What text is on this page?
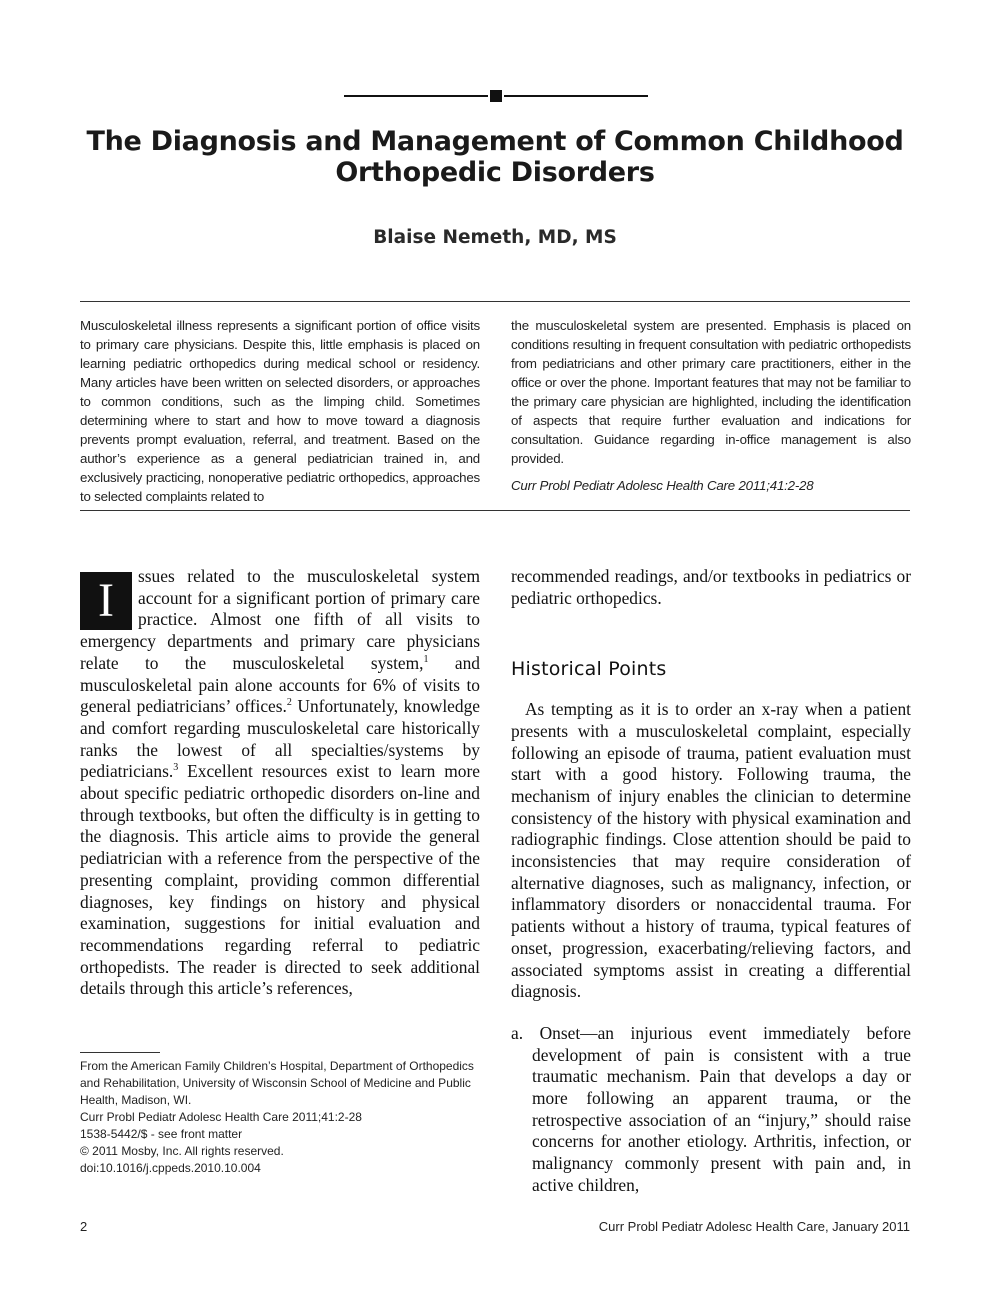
The Diagnosis and Management of Common Childhood
Orthopedic Disorders
Blaise Nemeth, MD, MS

Musculoskeletal illness represents a significant portion of office visits to primary care physicians. Despite this, little emphasis is placed on learning pediatric orthopedics during medical school or residency. Many articles have been written on selected disorders, or approaches to common conditions, such as the limping child. Sometimes determining where to start and how to move toward a diagnosis prevents prompt evaluation, referral, and treatment. Based on the author’s experience as a general pediatrician trained in, and exclusively practicing, nonoperative pediatric orthopedics, approaches to selected complaints related to

the musculoskeletal system are presented. Emphasis is placed on conditions resulting in frequent consultation with pediatric orthopedists from pediatricians and other primary care practitioners, either in the office or over the phone. Important features that may not be familiar to the primary care physician are highlighted, including the identification of aspects that require further evaluation and indications for consultation. Guidance regarding in-office management is also provided.

Curr Probl Pediatr Adolesc Health Care 2011;41:2-28

I	ssues related to the musculoskeletal system account for a significant portion of primary care practice. Almost one fifth of all visits to emergency departments and primary care physicians relate to the musculoskeletal system,$^1$ and musculoskeletal pain alone accounts for 6% of visits to general pediatricians’ offices.$^2$ Unfortunately, knowledge and comfort regarding musculoskeletal care historically ranks the lowest of all specialties/systems by pediatricians.$^3$ Excellent resources exist to learn more about specific pediatric orthopedic disorders on-line and through textbooks, but often the difficulty is in getting to the diagnosis. This article aims to provide the general pediatrician with a reference from the perspective of the presenting complaint, providing common differential diagnoses, key findings on history and physical examination, suggestions for initial evaluation and recommendations regarding referral to pediatric orthopedists. The reader is directed to seek additional details through this article’s references,

recommended readings, and/or textbooks in pediatrics or pediatric orthopedics.

Historical Points

As tempting as it is to order an x-ray when a patient presents with a musculoskeletal complaint, especially following an episode of trauma, patient evaluation must start with a good history. Following trauma, the mechanism of injury enables the clinician to determine consistency of the history with physical examination and radiographic findings. Close attention should be paid to inconsistencies that may require consideration of alternative diagnoses, such as malignancy, infection, or inflammatory disorders or nonaccidental trauma. For patients without a history of trauma, typical features of onset, progression, exacerbating/relieving factors, and associated symptoms assist in creating a differential diagnosis.

a. Onset—an injurious event immediately before development of pain is consistent with a true traumatic mechanism. Pain that develops a day or more following an apparent trauma, or the retrospective association of an “injury,” should raise concerns for another etiology. Arthritis, infection, or malignancy commonly present with pain and, in active children,

From the American Family Children’s Hospital, Department of Orthopedics and Rehabilitation, University of Wisconsin School of Medicine and Public Health, Madison, WI.
Curr Probl Pediatr Adolesc Health Care 2011;41:2-28
1538-5442/$ - see front matter
© 2011 Mosby, Inc. All rights reserved.
doi:10.1016/j.cppeds.2010.10.004
2	Curr Probl Pediatr Adolesc Health Care, January 2011
